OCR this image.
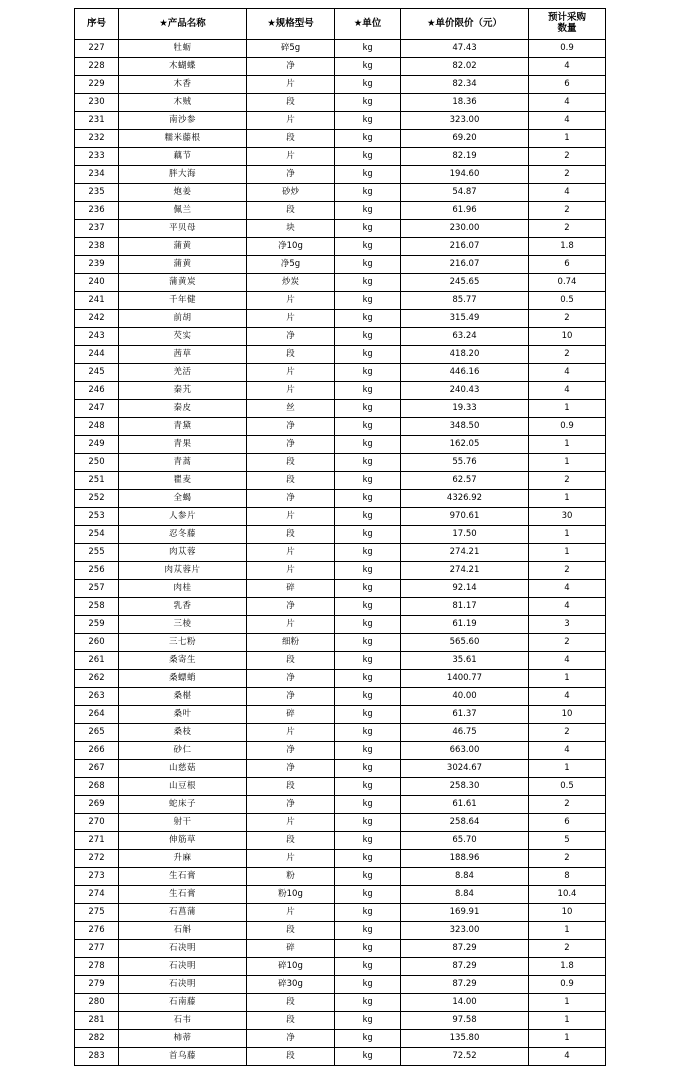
序号	★产品名称	★规格型号	★单位	★单价限价（元）	预计采购
数量

227	牡蛎	碎5g	kg	47.43	0.9
228	木蝴蝶	净	kg	82.02	4
229	木香	片	kg	82.34	6
230	木贼	段	kg	18.36	4
231	南沙参	片	kg	323.00	4
232	糯米藤根	段	kg	69.20	1
233	藕节	片	kg	82.19	2
234	胖大海	净	kg	194.60	2
235	炮姜	砂炒	kg	54.87	4
236	佩兰	段	kg	61.96	2
237	平贝母	块	kg	230.00	2
238	蒲黄	净10g	kg	216.07	1.8
239	蒲黄	净5g	kg	216.07	6
240	蒲黄炭	炒炭	kg	245.65	0.74
241	千年健	片	kg	85.77	0.5
242	前胡	片	kg	315.49	2
243	芡实	净	kg	63.24	10
244	茜草	段	kg	418.20	2
245	羌活	片	kg	446.16	4
246	秦艽	片	kg	240.43	4
247	秦皮	丝	kg	19.33	1
248	青黛	净	kg	348.50	0.9
249	青果	净	kg	162.05	1
250	青蒿	段	kg	55.76	1
251	瞿麦	段	kg	62.57	2
252	全蝎	净	kg	4326.92	1
253	人参片	片	kg	970.61	30
254	忍冬藤	段	kg	17.50	1
255	肉苁蓉	片	kg	274.21	1
256	肉苁蓉片	片	kg	274.21	2
257	肉桂	碎	kg	92.14	4
258	乳香	净	kg	81.17	4
259	三棱	片	kg	61.19	3
260	三七粉	细粉	kg	565.60	2
261	桑寄生	段	kg	35.61	4
262	桑螵蛸	净	kg	1400.77	1
263	桑椹	净	kg	40.00	4
264	桑叶	碎	kg	61.37	10
265	桑枝	片	kg	46.75	2
266	砂仁	净	kg	663.00	4
267	山慈菇	净	kg	3024.67	1
268	山豆根	段	kg	258.30	0.5
269	蛇床子	净	kg	61.61	2
270	射干	片	kg	258.64	6
271	伸筋草	段	kg	65.70	5
272	升麻	片	kg	188.96	2
273	生石膏	粉	kg	8.84	8
274	生石膏	粉10g	kg	8.84	10.4
275	石菖蒲	片	kg	169.91	10
276	石斛	段	kg	323.00	1
277	石决明	碎	kg	87.29	2
278	石决明	碎10g	kg	87.29	1.8
279	石决明	碎30g	kg	87.29	0.9
280	石南藤	段	kg	14.00	1
281	石韦	段	kg	97.58	1
282	柿蒂	净	kg	135.80	1
283	首乌藤	段	kg	72.52	4
